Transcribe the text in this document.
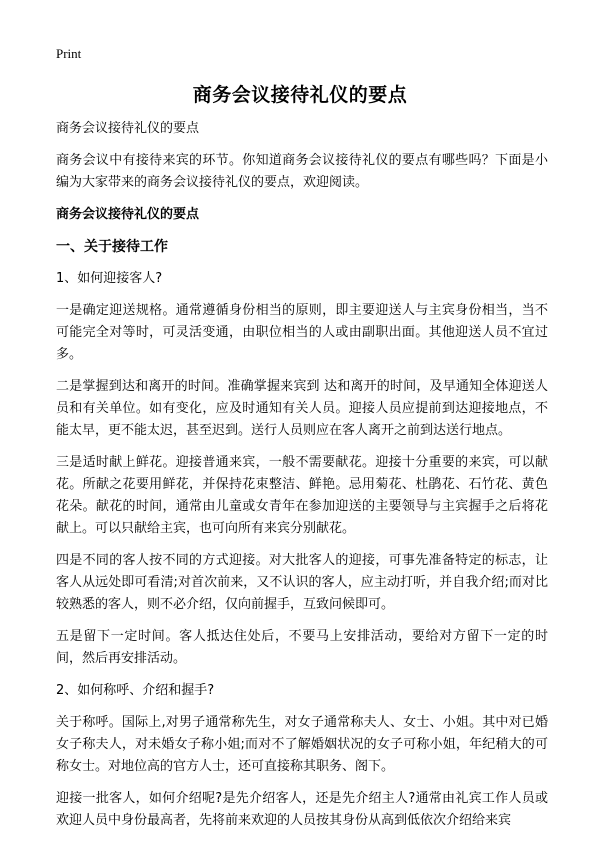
Print
商务会议接待礼仪的要点

商务会议接待礼仪的要点

商务会议中有接待来宾的环节。你知道商务会议接待礼仪的要点有哪些吗？下面是小编为大家带来的商务会议接待礼仪的要点，欢迎阅读。

商务会议接待礼仪的要点

一、关于接待工作

1、如何迎接客人?

一是确定迎送规格。通常遵循身份相当的原则，即主要迎送人与主宾身份相当，当不可能完全对等时，可灵活变通，由职位相当的人或由副职出面。其他迎送人员不宜过多。

二是掌握到达和离开的时间。准确掌握来宾到 达和离开的时间，及早通知全体迎送人员和有关单位。如有变化，应及时通知有关人员。迎接人员应提前到达迎接地点，不能太早，更不能太迟，甚至迟到。送行人员则应在客人离开之前到达送行地点。

三是适时献上鲜花。迎接普通来宾，一般不需要献花。迎接十分重要的来宾，可以献花。所献之花要用鲜花，并保持花束整洁、鲜艳。忌用菊花、杜鹃花、石竹花、黄色花朵。献花的时间，通常由儿童或女青年在参加迎送的主要领导与主宾握手之后将花献上。可以只献给主宾，也可向所有来宾分别献花。

四是不同的客人按不同的方式迎接。对大批客人的迎接，可事先准备特定的标志，让客人从远处即可看清;对首次前来，又不认识的客人，应主动打听，并自我介绍;而对比较熟悉的客人，则不必介绍，仅向前握手，互致问候即可。

五是留下一定时间。客人抵达住处后，不要马上安排活动，要给对方留下一定的时间，然后再安排活动。

2、如何称呼、介绍和握手?

关于称呼。国际上,对男子通常称先生，对女子通常称夫人、女士、小姐。其中对已婚女子称夫人，对未婚女子称小姐;而对不了解婚姻状况的女子可称小姐，年纪稍大的可称女士。对地位高的官方人士，还可直接称其职务、阁下。

迎接一批客人，如何介绍呢?是先介绍客人，还是先介绍主人?通常由礼宾工作人员或欢迎人员中身份最高者，先将前来欢迎的人员按其身份从高到低依次介绍给来宾
